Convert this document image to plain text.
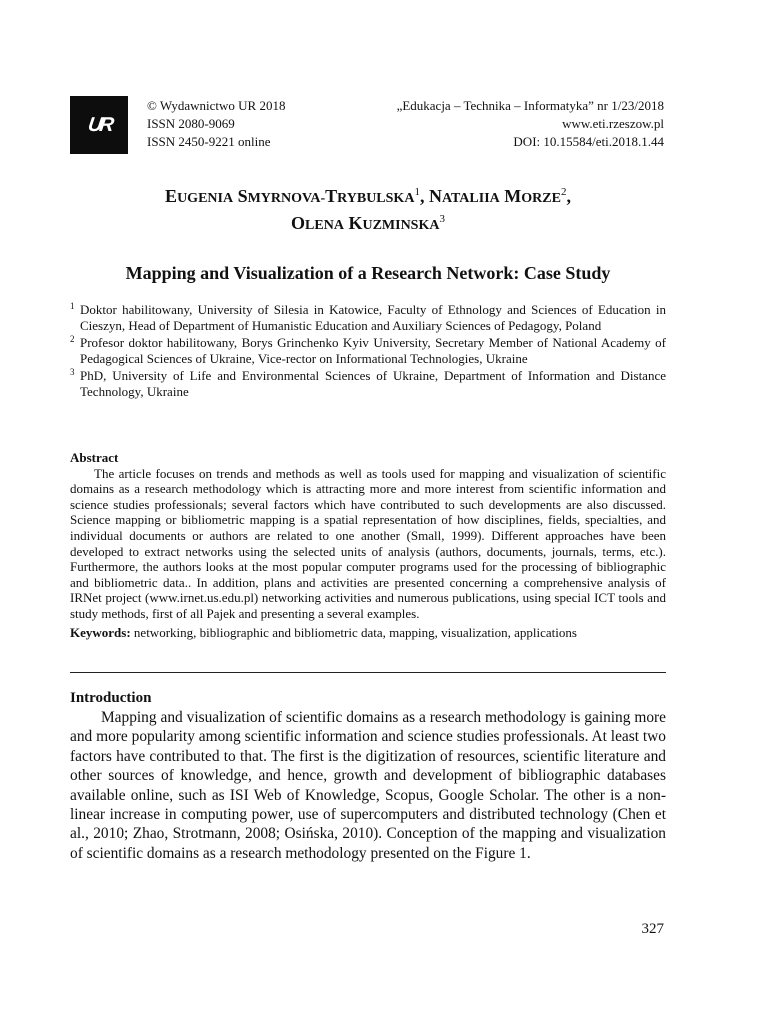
UR
© Wydawnictwo UR 2018
ISSN 2080-9069
ISSN 2450-9221 online
„Edukacja – Technika – Informatyka” nr 1/23/2018
www.eti.rzeszow.pl
DOI: 10.15584/eti.2018.1.44
EUGENIA SMYRNOVA-TRYBULSKA$^1$, NATALIIA MORZE$^2$,
OLENA KUZMINSKA$^3$
Mapping and Visualization of a Research Network: Case Study
1 Doktor habilitowany, University of Silesia in Katowice, Faculty of Ethnology and Sciences of Education in Cieszyn, Head of Department of Humanistic Education and Auxiliary Sciences of Pedagogy, Poland
2 Profesor doktor habilitowany, Borys Grinchenko Kyiv University, Secretary Member of National Academy of Pedagogical Sciences of Ukraine, Vice-rector on Informational Technologies, Ukraine
3 PhD, University of Life and Environmental Sciences of Ukraine, Department of Information and Distance Technology, Ukraine
Abstract

The article focuses on trends and methods as well as tools used for mapping and visualization of scientific domains as a research methodology which is attracting more and more interest from scientific information and science studies professionals; several factors which have contributed to such developments are also discussed. Science mapping or bibliometric mapping is a spatial representation of how disciplines, fields, specialties, and individual documents or authors are related to one another (Small, 1999). Different approaches have been developed to extract networks using the selected units of analysis (authors, documents, journals, terms, etc.). Furthermore, the authors looks at the most popular computer programs used for the processing of bibliographic and bibliometric data.. In addition, plans and activities are presented concerning a comprehensive analysis of IRNet project (www.irnet.us.edu.pl) networking activities and numerous publications, using special ICT tools and study methods, first of all Pajek and presenting a several examples.

Keywords: networking, bibliographic and bibliometric data, mapping, visualization, applications
Introduction

Mapping and visualization of scientific domains as a research methodology is gaining more and more popularity among scientific information and science studies professionals. At least two factors have contributed to that. The first is the digitization of resources, scientific literature and other sources of knowledge, and hence, growth and development of bibliographic databases available online, such as ISI Web of Knowledge, Scopus, Google Scholar. The other is a non-linear increase in computing power, use of supercomputers and distributed technology (Chen et al., 2010; Zhao, Strotmann, 2008; Osińska, 2010). Conception of the mapping and visualization of scientific domains as a research methodology presented on the Figure 1.

327
